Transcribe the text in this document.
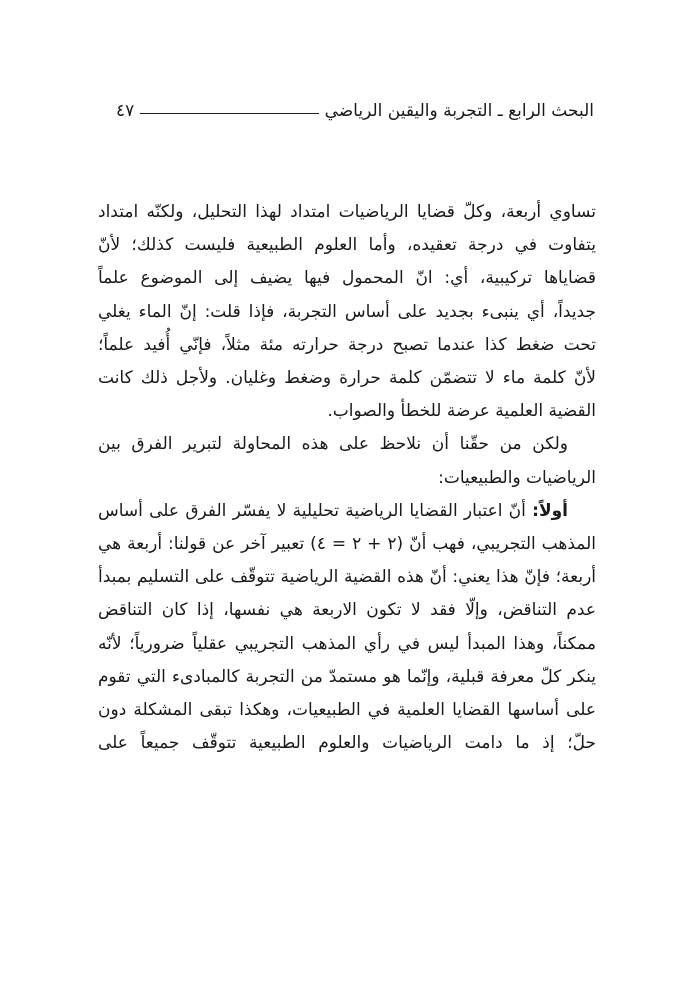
البحث الرابع ـ التجربة واليقين الرياضي
٤٧

تساوي أربعة، وكلّ قضايا الرياضيات امتداد لهذا التحليل، ولكنّه امتداد

يتفاوت في درجة تعقيده، وأما العلوم الطبيعية فليست كذلك؛ لأنّ

قضاياها تركيبية، أي: انّ المحمول فيها يضيف إلى الموضوع علماً

جديداً، أي ينبىء بجديد على أساس التجربة، فإذا قلت: إنّ الماء يغلي

تحت ضغط كذا عندما تصبح درجة حرارته مئة مثلاً، فإنّي أُفيد علماً؛

لأنّ كلمة ماء لا تتضمّن كلمة حرارة وضغط وغليان. ولأجل ذلك كانت

القضية العلمية عرضة للخطأ والصواب.

ولكن من حقّنا أن نلاحظ على هذه المحاولة لتبرير الفرق بين

الرياضيات والطبيعيات:

أولاً: أنّ اعتبار القضايا الرياضية تحليلية لا يفسّر الفرق على أساس

المذهب التجريبي، فهب أنّ (٢ + ٢ = ٤) تعبير آخر عن قولنا: أربعة هي

أربعة؛ فإنّ هذا يعني: أنّ هذه القضية الرياضية تتوقّف على التسليم بمبدأ

عدم التناقض، وإلّا فقد لا تكون الاربعة هي نفسها، إذا كان التناقض

ممكناً، وهذا المبدأ ليس في رأي المذهب التجريبي عقلياً ضرورياً؛ لأنّه

ينكر كلّ معرفة قبلية، وإنّما هو مستمدّ من التجربة كالمبادىء التي تقوم

على أساسها القضايا العلمية في الطبيعيات، وهكذا تبقى المشكلة دون

حلّ؛ إذ ما دامت الرياضيات والعلوم الطبيعية تتوقّف جميعاً على
